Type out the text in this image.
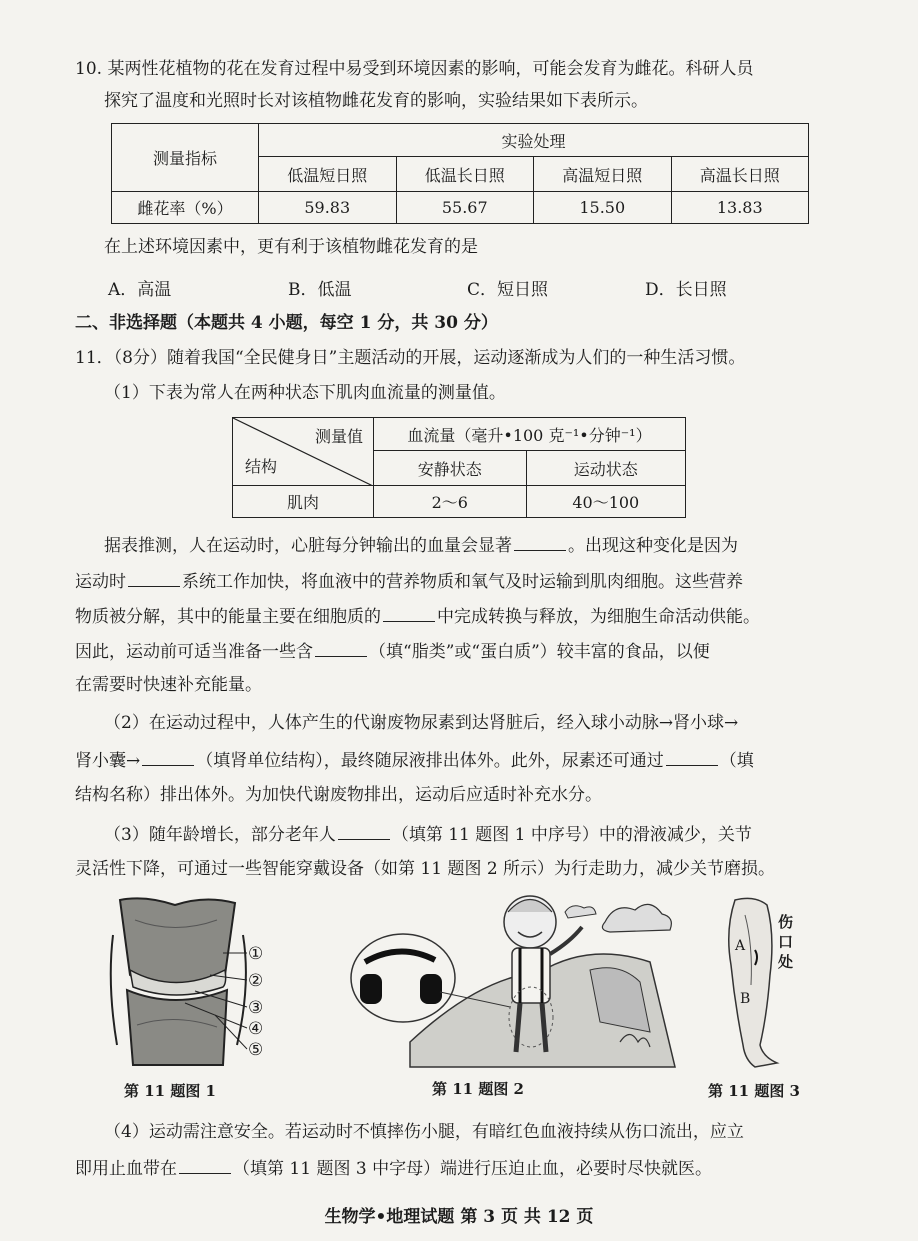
10. 某两性花植物的花在发育过程中易受到环境因素的影响，可能会发育为雌花。科研人员
探究了温度和光照时长对该植物雌花发育的影响，实验结果如下表所示。
测量指标	实验处理			
	低温短日照	低温长日照	高温短日照	高温长日照
雌花率（%）	59.83	55.67	15.50	13.83
在上述环境因素中，更有利于该植物雌花发育的是
A．高温	B．低温	C．短日照	D．长日照
二、非选择题（本题共 4 小题，每空 1 分，共 30 分）
11．（8分）随着我国“全民健身日”主题活动的开展，运动逐渐成为人们的一种生活习惯。
（1）下表为常人在两种状态下肌肉血流量的测量值。
测量值
结构	血流量（毫升•100 克⁻¹•分钟⁻¹）	
	安静状态	运动状态
肌肉	2～6	40～100
据表推测，人在运动时，心脏每分钟输出的血量会显著	。出现这种变化是因为
运动时	系统工作加快，将血液中的营养物质和氧气及时运输到肌肉细胞。这些营养
物质被分解，其中的能量主要在细胞质的	中完成转换与释放，为细胞生命活动供能。
因此，运动前可适当准备一些含	（填“脂类”或“蛋白质”）较丰富的食品，以便
在需要时快速补充能量。
（2）在运动过程中，人体产生的代谢废物尿素到达肾脏后，经入球小动脉→肾小球→
肾小囊→	（填肾单位结构），最终随尿液排出体外。此外，尿素还可通过	（填
结构名称）排出体外。为加快代谢废物排出，运动后应适时补充水分。
（3）随年龄增长，部分老年人	（填第 11 题图 1 中序号）中的滑液减少，关节
灵活性下降，可通过一些智能穿戴设备（如第 11 题图 2 所示）为行走助力，减少关节磨损。
①
②
③
④
⑤
第 11 题图 1	第 11 题图 2
A
B
伤
口
处
第 11 题图 3
（4）运动需注意安全。若运动时不慎摔伤小腿，有暗红色血液持续从伤口流出，应立
即用止血带在	（填第 11 题图 3 中字母）端进行压迫止血，必要时尽快就医。
生物学•地理试题 第 3 页 共 12 页
